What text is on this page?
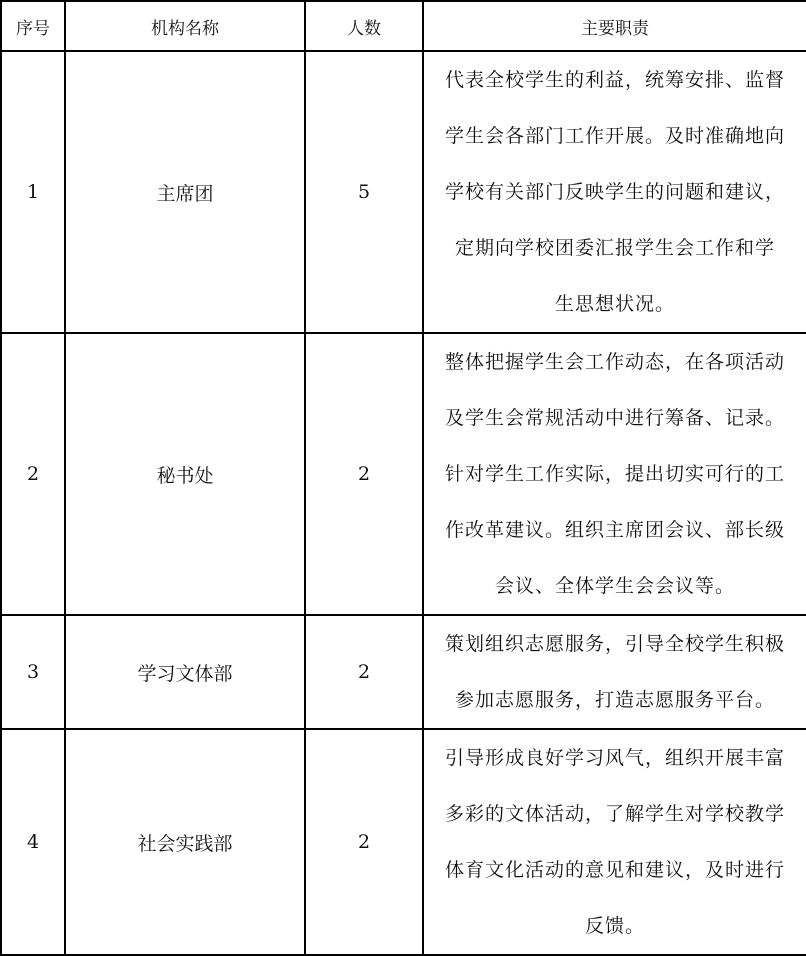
序号	机构名称	人数	主要职责
1	主席团	5	代表全校学生的利益，统筹安排、监督
学生会各部门工作开展。及时准确地向
学校有关部门反映学生的问题和建议，
定期向学校团委汇报学生会工作和学
生思想状况。

2	秘书处	2	整体把握学生会工作动态，在各项活动
及学生会常规活动中进行筹备、记录。
针对学生工作实际，提出切实可行的工
作改革建议。组织主席团会议、部长级
会议、全体学生会会议等。

3	学习文体部	2	策划组织志愿服务，引导全校学生积极
参加志愿服务，打造志愿服务平台。

4	社会实践部	2	引导形成良好学习风气，组织开展丰富
多彩的文体活动，了解学生对学校教学
体育文化活动的意见和建议，及时进行
反馈。
